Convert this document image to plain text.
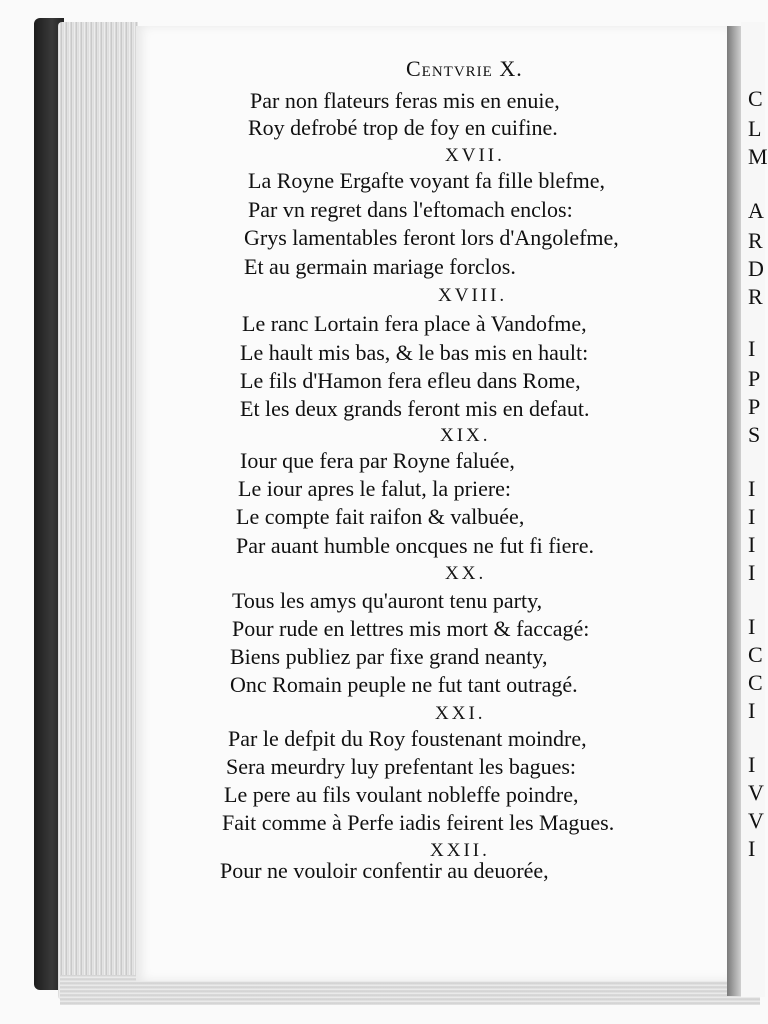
Centvrie X.
Par non flateurs feras mis en enuie,
Roy defrobé trop de foy en cuifine.
XVII.
La Royne Ergafte voyant fa fille blefme,
Par vn regret dans l'eftomach enclos:
Grys lamentables feront lors d'Angolefme,
Et au germain mariage forclos.
XVIII.
Le ranc Lortain fera place à Vandofme,
Le hault mis bas, & le bas mis en hault:
Le fils d'Hamon fera efleu dans Rome,
Et les deux grands feront mis en defaut.
XIX.
Iour que fera par Royne faluée,
Le iour apres le falut, la priere:
Le compte fait raifon & valbuée,
Par auant humble oncques ne fut fi fiere.
XX.
Tous les amys qu'auront tenu party,
Pour rude en lettres mis mort & faccagé:
Biens publiez par fixe grand neanty,
Onc Romain peuple ne fut tant outragé.
XXI.
Par le defpit du Roy foustenant moindre,
Sera meurdry luy prefentant les bagues:
Le pere au fils voulant nobleffe poindre,
Fait comme à Perfe iadis feirent les Magues.
XXII.
Pour ne vouloir confentir au deuorée,
C
L
M
A
R
D
R
I
P
P
S
I
I
I
I
I
C
C
I
I
V
V
I
